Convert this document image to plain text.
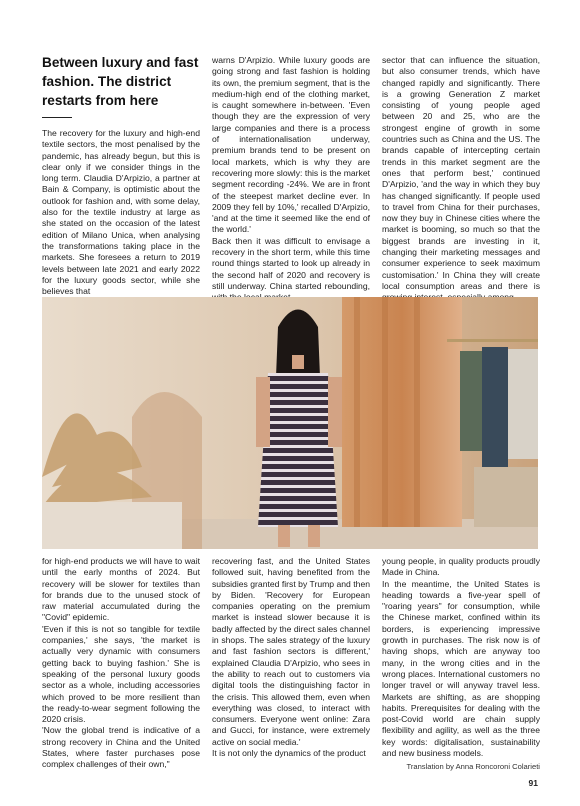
Between luxury and fast fashion. The district restarts from here

The recovery for the luxury and high-end textile sectors, the most penalised by the pandemic, has already begun, but this is clear only if we consider things in the long term. Claudia D'Arpizio, a partner at Bain & Company, is optimistic about the outlook for fashion and, with some delay, also for the textile industry at large as she stated on the occasion of the latest edition of Milano Unica, when analysing the transformations taking place in the markets. She foresees a return to 2019 levels between late 2021 and early 2022 for the luxury goods sector, while she believes that

warns D'Arpizio. While luxury goods are going strong and fast fashion is holding its own, the premium segment, that is the medium-high end of the clothing market, is caught somewhere in-between. 'Even though they are the expression of very large companies and there is a process of internationalisation underway, premium brands tend to be present on local markets, which is why they are recovering more slowly: this is the market segment recording -24%. We are in front of the steepest market decline ever. In 2009 they fell by 10%,' recalled D'Arpizio, 'and at the time it seemed like the end of the world.'

Back then it was difficult to envisage a recovery in the short term, while this time round things started to look up already in the second half of 2020 and recovery is still underway. China started rebounding,

sector that can influence the situation, but also consumer trends, which have changed rapidly and significantly. There is a growing Generation Z market consisting of young people aged between 20 and 25, who are the strongest engine of growth in some countries such as China and the US. The brands capable of intercepting certain trends in this market segment are the ones that perform best,' continued D'Arpizio, 'and the way in which they buy has changed significantly. If people used to travel from China for their purchases, now they buy in Chinese cities where the market is booming, so much so that the biggest brands are investing in it, changing their marketing messages and consumer experience to seek maximum customisation.' In China they will create local consumption areas and there is

for high-end products we will have to wait until the early months of 2024. But recovery will be slower for textiles than for brands due to the unused stock of raw material accumulated during the "Covid" epidemic.

'Even if this is not so tangible for textile companies,' she says, 'the market is actually very dynamic with consumers getting back to buying fashion.' She is speaking of the personal luxury goods sector as a whole, including accessories which proved to be more resilient than the ready-to-wear segment following the 2020 crisis.

'Now the global trend is indicative of a strong recovery in China and the United States, where faster purchases pose complex challenges of their own,"

recovering fast, and the United States followed suit, having benefited from the subsidies granted first by Trump and then by Biden. 'Recovery for European companies operating on the premium market is instead slower because it is badly affected by the direct sales channel in shops. The sales strategy of the luxury and fast fashion sectors is different,' explained Claudia D'Arpizio, who sees in the ability to reach out to customers via digital tools the distinguishing factor in the crisis. This allowed them, even when everything was closed, to interact with consumers. Everyone went online: Zara and Gucci, for instance, were extremely active on social media.'

It is not only the dynamics of the product

young people, in quality products proudly Made in China.

In the meantime, the United States is heading towards a five-year spell of "roaring years" for consumption, while the Chinese market, confined within its borders, is experiencing impressive growth in purchases. The risk now is of having shops, which are anyway too many, in the wrong cities and in the wrong places. International customers no longer travel or will anyway travel less. Markets are shifting, as are shopping habits. Prerequisites for dealing with the post-Covid world are chain supply flexibility and agility, as well as the three key words: digitalisation, sustainability and new business models.

Translation by Anna Roncoroni Colarieti
91
